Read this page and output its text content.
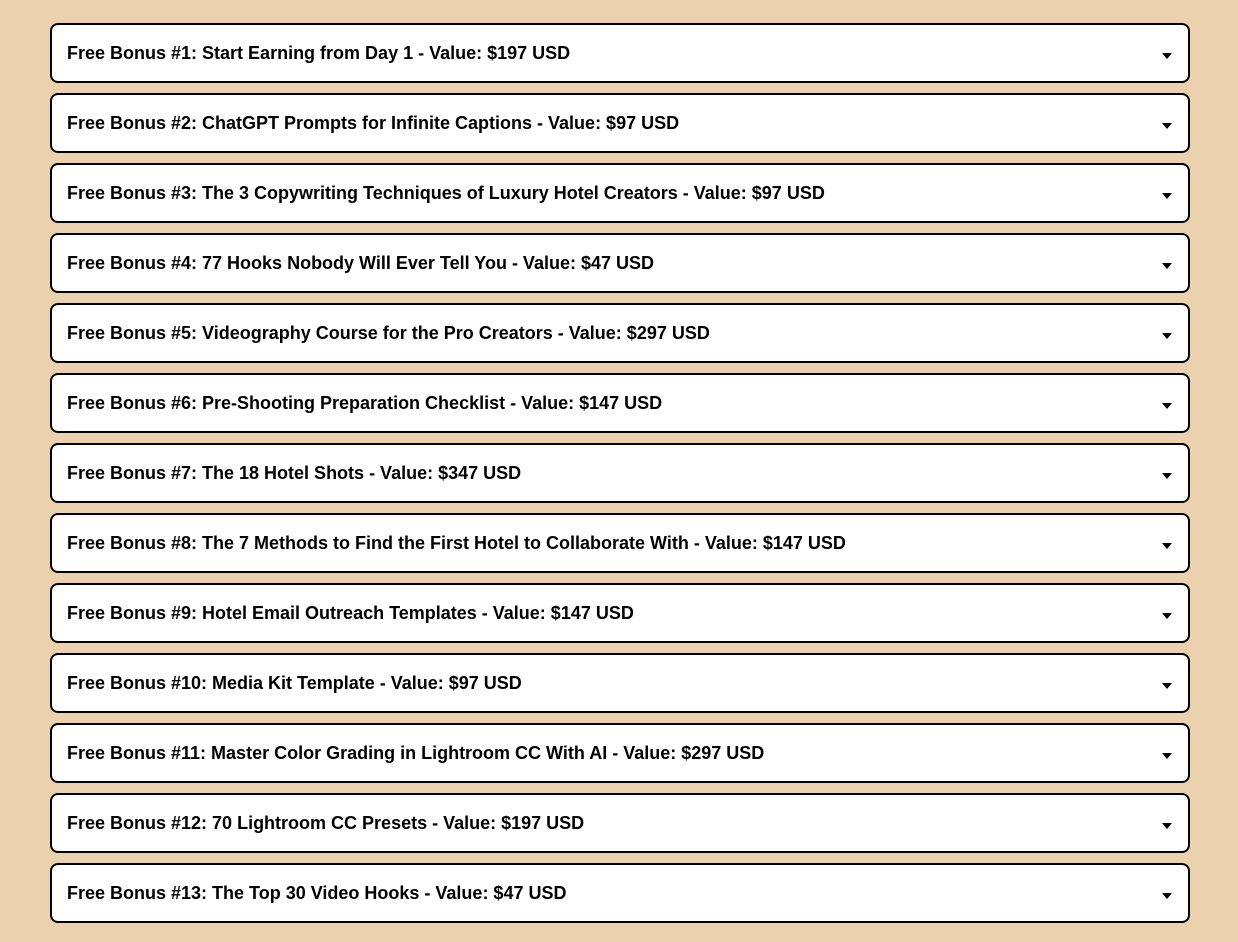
Free Bonus #1: Start Earning from Day 1 - Value: $197 USD
Free Bonus #2: ChatGPT Prompts for Infinite Captions - Value: $97 USD
Free Bonus #3: The 3 Copywriting Techniques of Luxury Hotel Creators - Value: $97 USD
Free Bonus #4: 77 Hooks Nobody Will Ever Tell You - Value: $47 USD
Free Bonus #5: Videography Course for the Pro Creators - Value: $297 USD
Free Bonus #6: Pre-Shooting Preparation Checklist - Value: $147 USD
Free Bonus #7: The 18 Hotel Shots - Value: $347 USD
Free Bonus #8: The 7 Methods to Find the First Hotel to Collaborate With - Value: $147 USD
Free Bonus #9: Hotel Email Outreach Templates - Value: $147 USD
Free Bonus #10: Media Kit Template - Value: $97 USD
Free Bonus #11: Master Color Grading in Lightroom CC With AI - Value: $297 USD
Free Bonus #12: 70 Lightroom CC Presets - Value: $197 USD
Free Bonus #13: The Top 30 Video Hooks - Value: $47 USD
